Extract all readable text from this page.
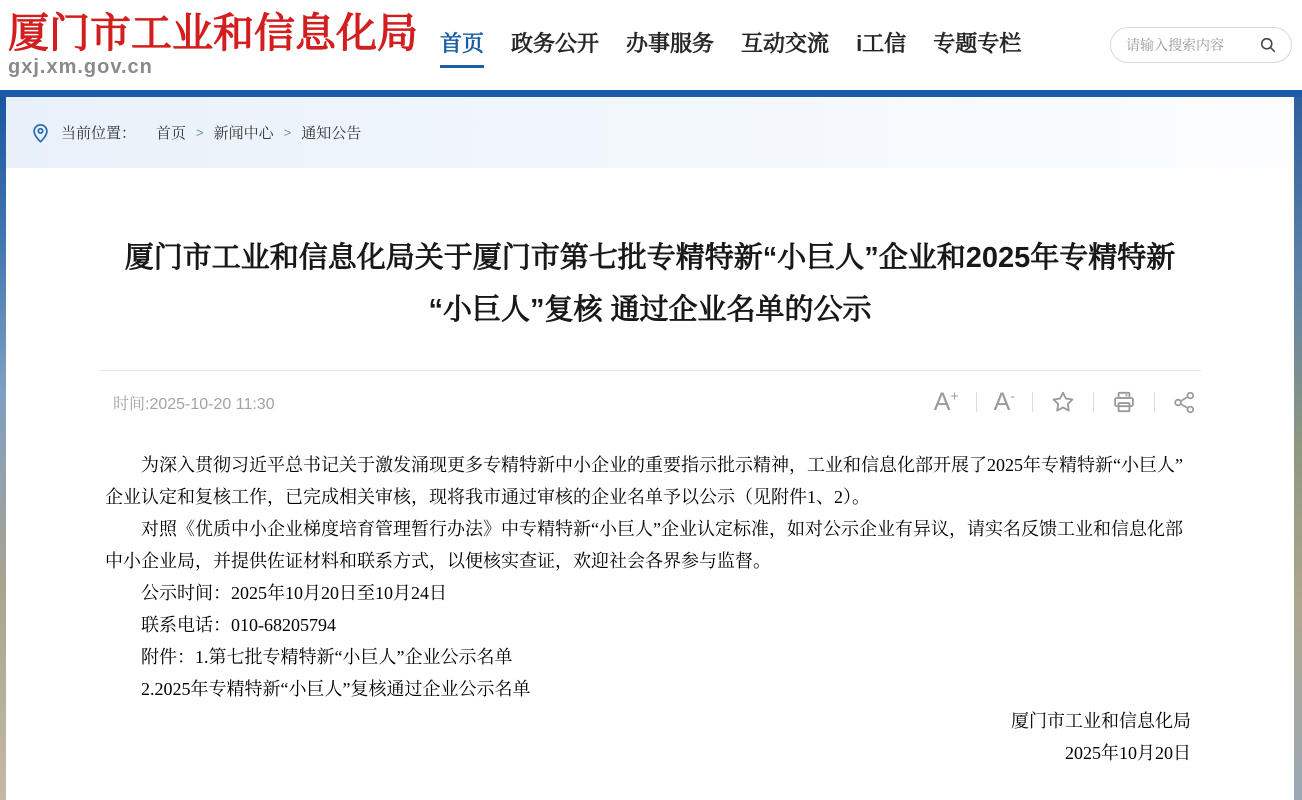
厦门市工业和信息化局
gxj.xm.gov.cn
首页 政务公开 办事服务 互动交流 i工信 专题专栏
请输入搜索内容
当前位置： 首页 > 新闻中心 > 通知公告
厦门市工业和信息化局关于厦门市第七批专精特新“小巨人”企业和2025年专精特新
“小巨人”复核 通过企业名单的公示
时间:2025-10-20 11:30	A+ A-

为深入贯彻习近平总书记关于激发涌现更多专精特新中小企业的重要指示批示精神，工业和信息化部开展了2025年专精特新“小巨人”企业认定和复核工作，已完成相关审核，现将我市通过审核的企业名单予以公示（见附件1、2）。

对照《优质中小企业梯度培育管理暂行办法》中专精特新“小巨人”企业认定标准，如对公示企业有异议，请实名反馈工业和信息化部中小企业局，并提供佐证材料和联系方式，以便核实查证，欢迎社会各界参与监督。

公示时间：2025年10月20日至10月24日

联系电话：010-68205794

附件：1.第七批专精特新“小巨人”企业公示名单

2.2025年专精特新“小巨人”复核通过企业公示名单

厦门市工业和信息化局

2025年10月20日
